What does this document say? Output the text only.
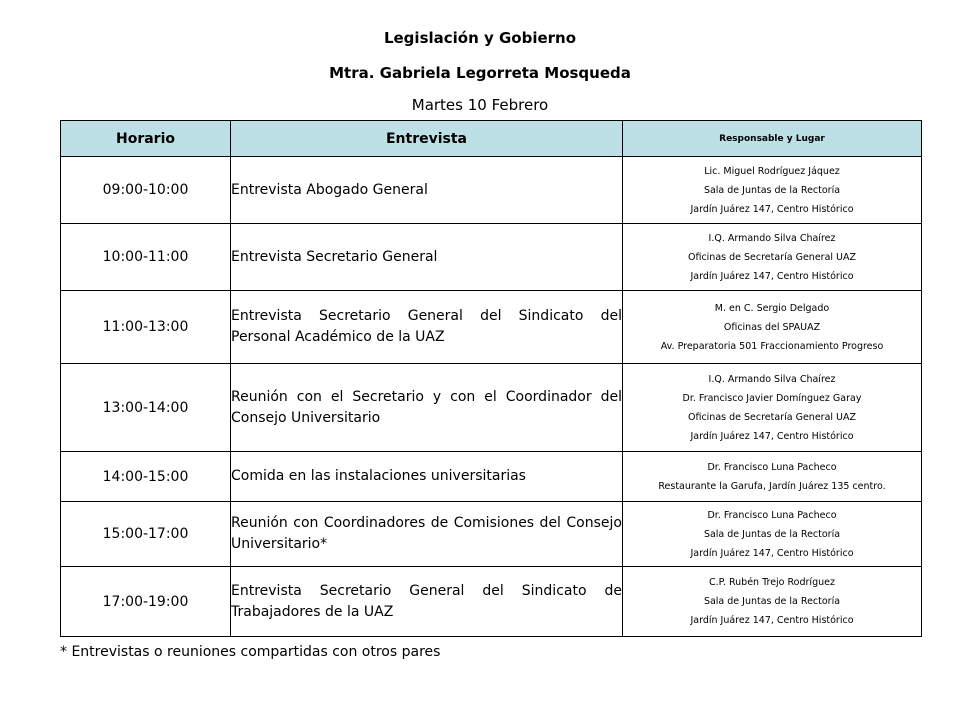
Legislación y Gobierno
Mtra. Gabriela Legorreta Mosqueda
Martes 10 Febrero
Horario	Entrevista	Responsable y Lugar
09:00-10:00	Entrevista Abogado General	Lic. Miguel Rodríguez Jáquez
Sala de Juntas de la Rectoría
Jardín Juárez 147, Centro Histórico

10:00-11:00	Entrevista Secretario General	I.Q. Armando Silva Chaírez
Oficinas de Secretaría General UAZ
Jardín Juárez 147, Centro Histórico

11:00-13:00	Entrevista Secretario General del Sindicato del Personal Académico de la UAZ	M. en C. Sergio Delgado
Oficinas del SPAUAZ
Av. Preparatoria 501 Fraccionamiento Progreso

13:00-14:00	Reunión con el Secretario y con el Coordinador del Consejo Universitario	I.Q. Armando Silva Chaírez
Dr. Francisco Javier Domínguez Garay
Oficinas de Secretaría General UAZ
Jardín Juárez 147, Centro Histórico

14:00-15:00	Comida en las instalaciones universitarias	Dr. Francisco Luna Pacheco
Restaurante la Garufa, Jardín Juárez 135 centro.

15:00-17:00	Reunión con Coordinadores de Comisiones del Consejo Universitario*	Dr. Francisco Luna Pacheco
Sala de Juntas de la Rectoría
Jardín Juárez 147, Centro Histórico

17:00-19:00	Entrevista Secretario General del Sindicato de Trabajadores de la UAZ	C.P. Rubén Trejo Rodríguez
Sala de Juntas de la Rectoría
Jardín Juárez 147, Centro Histórico
* Entrevistas o reuniones compartidas con otros pares
